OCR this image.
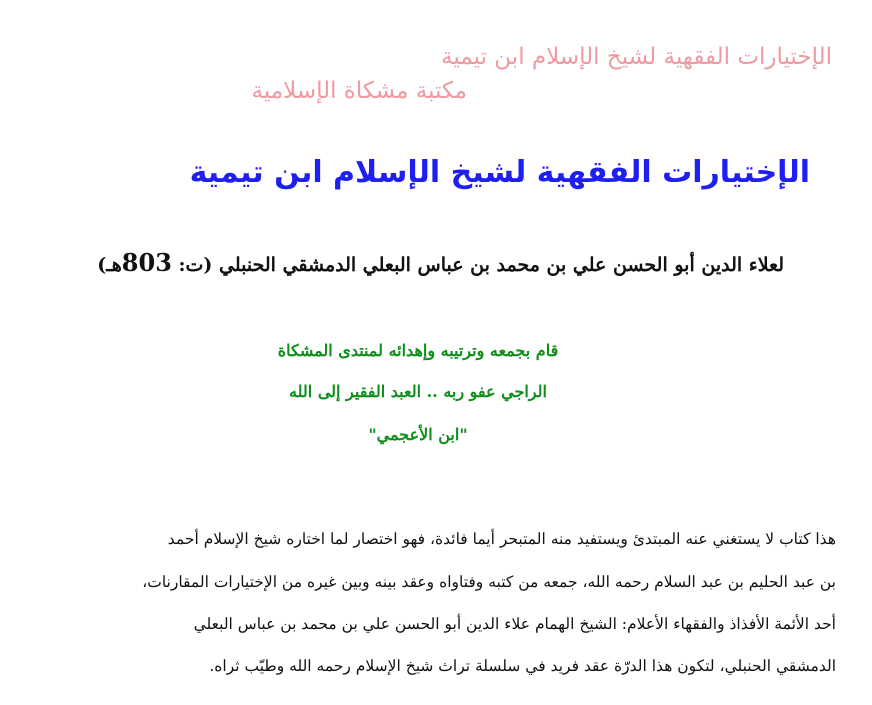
الإختيارات الفقهية لشيخ الإسلام ابن تيمية
مكتبة مشكاة الإسلامية
الإختيارات الفقهية لشيخ الإسلام ابن تيمية
لعلاء الدين أبو الحسن علي بن محمد بن عباس البعلي الدمشقي الحنبلي (ت: 803هـ)
قام بجمعه وترتيبه وإهدائه لمنتدى المشكاة
الراجي عفو ربه .. العبد الفقير إلى الله
"ابن الأعجمي"
هذا كتاب لا يستغني عنه المبتدئ ويستفيد منه المتبحر أيما فائدة، فهو اختصار لما اختاره شيخ الإسلام أحمد
بن عبد الحليم بن عبد السلام رحمه الله، جمعه من كتبه وفتاواه وعقد بينه وبين غيره من الإختيارات المقارنات،
أحد الأئمة الأفذاذ والفقهاء الأعلام: الشيخ الهمام علاء الدين أبو الحسن علي بن محمد بن عباس البعلي
الدمشقي الحنبلي، لتكون هذا الدرّة عقد فريد في سلسلة تراث شيخ الإسلام رحمه الله وطيّب ثراه.
